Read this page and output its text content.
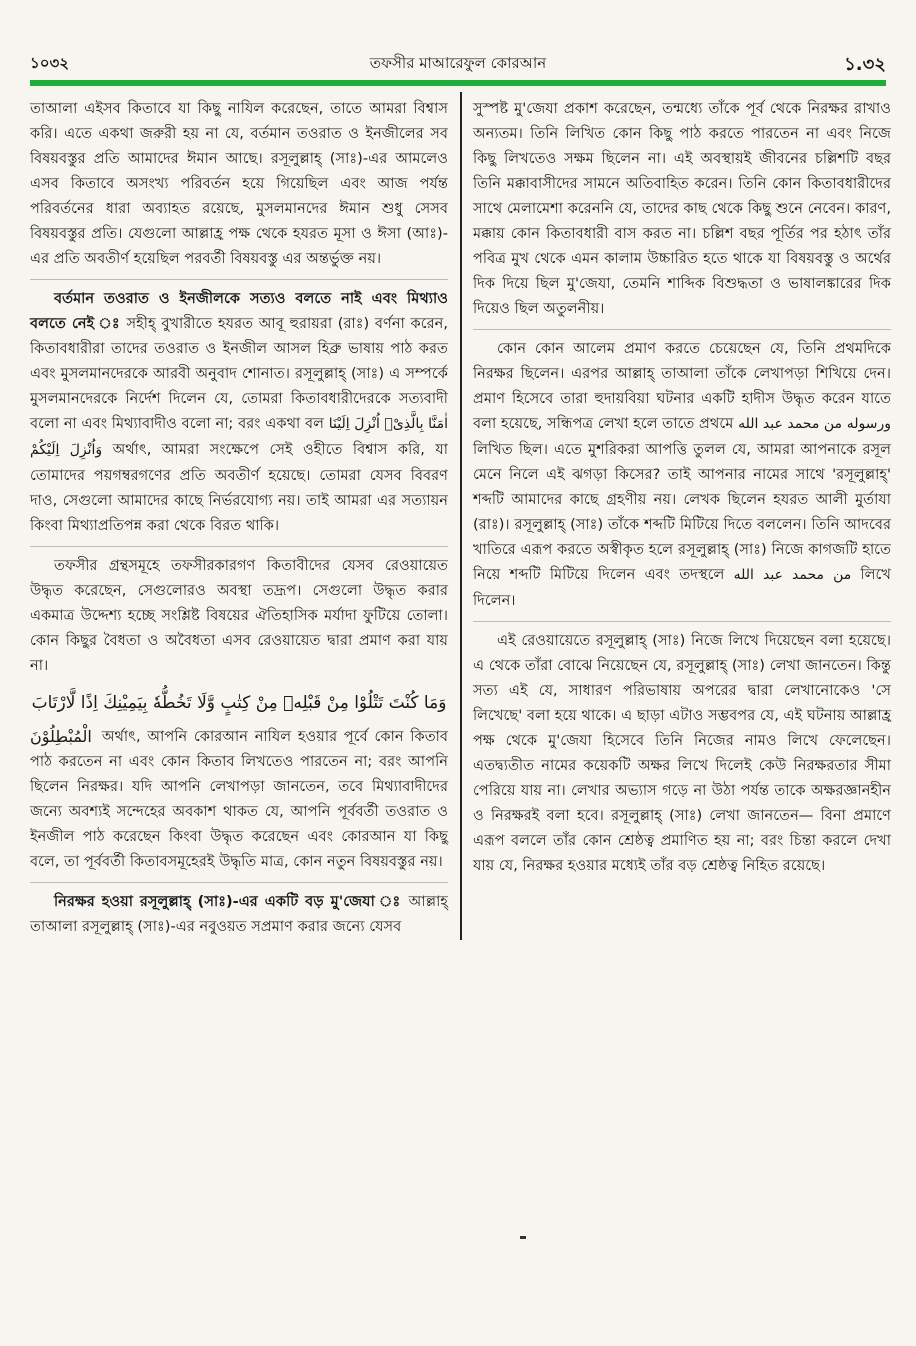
১০৩২	তফসীর মাআরেফুল কোরআন	১.৩২

তাআলা এইসব কিতাবে যা কিছু নাযিল করেছেন, তাতে আমরা বিশ্বাস করি। এতে একথা জরুরী হয় না যে, বর্তমান তওরাত ও ইনজীলের সব বিষয়বস্তুর প্রতি আমাদের ঈমান আছে। রসূলুল্লাহ্ (সাঃ)-এর আমলেও এসব কিতাবে অসংখ্য পরিবর্তন হয়ে গিয়েছিল এবং আজ পর্যন্ত পরিবর্তনের ধারা অব্যাহত রয়েছে, মুসলমানদের ঈমান শুধু সেসব বিষয়বস্তুর প্রতি। যেগুলো আল্লাহ্র পক্ষ থেকে হযরত মূসা ও ঈসা (আঃ)-এর প্রতি অবতীর্ণ হয়েছিল পরবর্তী বিষয়বস্তু এর অন্তর্ভুক্ত নয়।

বর্তমান তওরাত ও ইনজীলকে সত্যও বলতে নাই এবং মিথ্যাও বলতে নেই ঃ সহীহ্ বুখারীতে হযরত আবূ হুরায়রা (রাঃ) বর্ণনা করেন, কিতাবধারীরা তাদের তওরাত ও ইনজীল আসল হিব্রু ভাষায় পাঠ করত এবং মুসলমানদেরকে আরবী অনুবাদ শোনাত। রসূলুল্লাহ্ (সাঃ) এ সম্পর্কে মুসলমানদেরকে নির্দেশ দিলেন যে, তোমরা কিতাবধারীদেরকে সত্যবাদী বলো না এবং মিথ্যাবাদীও বলো না; বরং একথা বল اٰمَنَّا بِالَّذِیْۤ اُنْزِلَ اِلَیْنَا وَاُنْزِلَ اِلَیْكُمْ অর্থাৎ, আমরা সংক্ষেপে সেই ওহীতে বিশ্বাস করি, যা তোমাদের পয়গম্বরগণের প্রতি অবতীর্ণ হয়েছে। তোমরা যেসব বিবরণ দাও, সেগুলো আমাদের কাছে নির্ভরযোগ্য নয়। তাই আমরা এর সত্যায়ন কিংবা মিথ্যাপ্রতিপন্ন করা থেকে বিরত থাকি।

তফসীর গ্রন্থসমূহে তফসীরকারগণ কিতাবীদের যেসব রেওয়ায়েত উদ্ধৃত করেছেন, সেগুলোরও অবস্থা তদ্রূপ। সেগুলো উদ্ধৃত করার একমাত্র উদ্দেশ্য হচ্ছে সংশ্লিষ্ট বিষয়ের ঐতিহাসিক মর্যাদা ফুটিয়ে তোলা। কোন কিছুর বৈধতা ও অবৈধতা এসব রেওয়ায়েত দ্বারা প্রমাণ করা যায় না।

وَمَا كُنْتَ تَتْلُوْا مِنْ قَبْلِهٖ مِنْ كِتٰبٍ وَّلَا تَخُطُّهٗ بِیَمِیْنِكَ اِذًا لَّارْتَابَ

الْمُبْطِلُوْنَ অর্থাৎ, আপনি কোরআন নাযিল হওয়ার পূর্বে কোন কিতাব পাঠ করতেন না এবং কোন কিতাব লিখতেও পারতেন না; বরং আপনি ছিলেন নিরক্ষর। যদি আপনি লেখাপড়া জানতেন, তবে মিথ্যাবাদীদের জন্যে অবশ্যই সন্দেহের অবকাশ থাকত যে, আপনি পূর্ববর্তী তওরাত ও ইনজীল পাঠ করেছেন কিংবা উদ্ধৃত করেছেন এবং কোরআন যা কিছু বলে, তা পূর্ববর্তী কিতাবসমূহেরই উদ্ধৃতি মাত্র, কোন নতুন বিষয়বস্তুর নয়।

নিরক্ষর হওয়া রসূলুল্লাহ্ (সাঃ)-এর একটি বড় মু'জেযা ঃ আল্লাহ্ তাআলা রসূলুল্লাহ্ (সাঃ)-এর নবুওয়ত সপ্রমাণ করার জন্যে যেসব

সুস্পষ্ট মু'জেযা প্রকাশ করেছেন, তন্মধ্যে তাঁকে পূর্ব থেকে নিরক্ষর রাখাও অন্যতম। তিনি লিখিত কোন কিছু পাঠ করতে পারতেন না এবং নিজে কিছু লিখতেও সক্ষম ছিলেন না। এই অবস্থায়ই জীবনের চল্লিশটি বছর তিনি মক্কাবাসীদের সামনে অতিবাহিত করেন। তিনি কোন কিতাবধারীদের সাথে মেলামেশা করেননি যে, তাদের কাছ থেকে কিছু শুনে নেবেন। কারণ, মক্কায় কোন কিতাবধারী বাস করত না। চল্লিশ বছর পূর্তির পর হঠাৎ তাঁর পবিত্র মুখ থেকে এমন কালাম উচ্চারিত হতে থাকে যা বিষয়বস্তু ও অর্থের দিক দিয়ে ছিল মু'জেযা, তেমনি শাব্দিক বিশুদ্ধতা ও ভাষালঙ্কারের দিক দিয়েও ছিল অতুলনীয়।

কোন কোন আলেম প্রমাণ করতে চেয়েছেন যে, তিনি প্রথমদিকে নিরক্ষর ছিলেন। এরপর আল্লাহ্ তাআলা তাঁকে লেখাপড়া শিখিয়ে দেন। প্রমাণ হিসেবে তারা হুদায়বিয়া ঘটনার একটি হাদীস উদ্ধৃত করেন যাতে বলা হয়েছে, সন্ধিপত্র লেখা হলে তাতে প্রথমে من محمد عبد الله ورسوله লিখিত ছিল। এতে মুশরিকরা আপত্তি তুলল যে, আমরা আপনাকে রসূল মেনে নিলে এই ঝগড়া কিসের? তাই আপনার নামের সাথে 'রসূলুল্লাহ্' শব্দটি আমাদের কাছে গ্রহণীয় নয়। লেখক ছিলেন হযরত আলী মুর্তাযা (রাঃ)। রসূলুল্লাহ্ (সাঃ) তাঁকে শব্দটি মিটিয়ে দিতে বললেন। তিনি আদবের খাতিরে এরূপ করতে অস্বীকৃত হলে রসূলুল্লাহ্ (সাঃ) নিজে কাগজটি হাতে নিয়ে শব্দটি মিটিয়ে দিলেন এবং তদস্থলে من محمد عبد الله লিখে দিলেন।

এই রেওয়ায়েতে রসূলুল্লাহ্ (সাঃ) নিজে লিখে দিয়েছেন বলা হয়েছে। এ থেকে তাঁরা বোঝে নিয়েছেন যে, রসূলুল্লাহ্ (সাঃ) লেখা জানতেন। কিন্তু সত্য এই যে, সাধারণ পরিভাষায় অপরের দ্বারা লেখানোকেও 'সে লিখেছে' বলা হয়ে থাকে। এ ছাড়া এটাও সম্ভবপর যে, এই ঘটনায় আল্লাহ্র পক্ষ থেকে মু'জেযা হিসেবে তিনি নিজের নামও লিখে ফেলেছেন। এতদ্ব্যতীত নামের কয়েকটি অক্ষর লিখে দিলেই কেউ নিরক্ষরতার সীমা পেরিয়ে যায় না। লেখার অভ্যাস গড়ে না উঠা পর্যন্ত তাকে অক্ষরজ্ঞানহীন ও নিরক্ষরই বলা হবে। রসূলুল্লাহ্ (সাঃ) লেখা জানতেন— বিনা প্রমাণে এরূপ বললে তাঁর কোন শ্রেষ্ঠত্ব প্রমাণিত হয় না; বরং চিন্তা করলে দেখা যায় যে, নিরক্ষর হওয়ার মধ্যেই তাঁর বড় শ্রেষ্ঠত্ব নিহিত রয়েছে।
